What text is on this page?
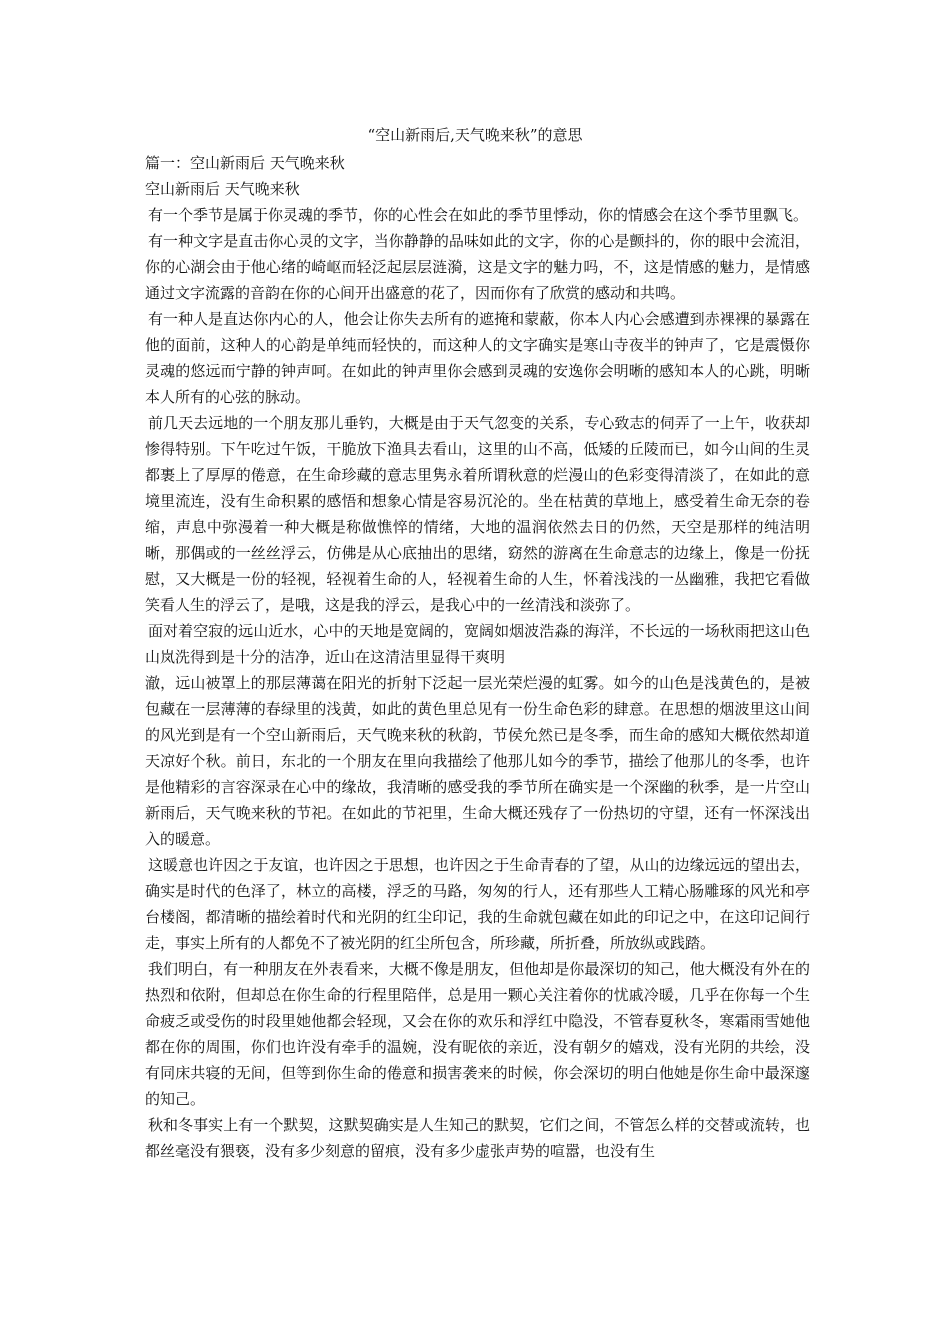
“空山新雨后,天气晚来秋”的意思

篇一：空山新雨后 天气晚来秋

空山新雨后 天气晚来秋

有一个季节是属于你灵魂的季节，你的心性会在如此的季节里悸动，你的情感会在这个季节里飘飞。

有一种文字是直击你心灵的文字，当你静静的品味如此的文字，你的心是颤抖的，你的眼中会流泪，你的心湖会由于他心绪的崎岖而轻泛起层层涟漪，这是文字的魅力吗，不，这是情感的魅力，是情感通过文字流露的音韵在你的心间开出盛意的花了，因而你有了欣赏的感动和共鸣。

有一种人是直达你内心的人，他会让你失去所有的遮掩和蒙蔽，你本人内心会感遭到赤裸裸的暴露在他的面前，这种人的心韵是单纯而轻快的，而这种人的文字确实是寒山寺夜半的钟声了，它是震慑你灵魂的悠远而宁静的钟声呵。在如此的钟声里你会感到灵魂的安逸你会明晰的感知本人的心跳，明晰本人所有的心弦的脉动。

前几天去远地的一个朋友那儿垂钓，大概是由于天气忽变的关系，专心致志的伺弄了一上午，收获却惨得特别。下午吃过午饭，干脆放下渔具去看山，这里的山不高，低矮的丘陵而已，如今山间的生灵都裹上了厚厚的倦意，在生命珍藏的意志里隽永着所谓秋意的烂漫山的色彩变得清淡了，在如此的意境里流连，没有生命积累的感悟和想象心情是容易沉沦的。坐在枯黄的草地上，感受着生命无奈的卷缩，声息中弥漫着一种大概是称做憔悴的情绪，大地的温润依然去日的仍然，天空是那样的纯洁明晰，那偶或的一丝丝浮云，仿佛是从心底抽出的思绪，窈然的游离在生命意志的边缘上，像是一份抚慰，又大概是一份的轻视，轻视着生命的人，轻视着生命的人生，怀着浅浅的一丛幽雅，我把它看做笑看人生的浮云了，是哦，这是我的浮云，是我心中的一丝清浅和淡弥了。

面对着空寂的远山近水，心中的天地是宽阔的，宽阔如烟波浩淼的海洋，不长远的一场秋雨把这山色山岚洗得到是十分的洁净，近山在这清洁里显得干爽明

澈，远山被罩上的那层薄蔼在阳光的折射下泛起一层光荣烂漫的虹雾。如今的山色是浅黄色的，是被包藏在一层薄薄的春绿里的浅黄，如此的黄色里总见有一份生命色彩的肆意。在思想的烟波里这山间的风光到是有一个空山新雨后，天气晚来秋的秋韵，节侯允然已是冬季，而生命的感知大概依然却道天凉好个秋。前日，东北的一个朋友在里向我描绘了他那儿如今的季节，描绘了他那儿的冬季，也许是他精彩的言容深录在心中的缘故，我清晰的感受我的季节所在确实是一个深幽的秋季，是一片空山新雨后，天气晚来秋的节祀。在如此的节祀里，生命大概还残存了一份热切的守望，还有一怀深浅出入的暖意。

这暖意也许因之于友谊，也许因之于思想，也许因之于生命青春的了望，从山的边缘远远的望出去，确实是时代的色泽了，林立的高楼，浮乏的马路，匆匆的行人，还有那些人工精心肠雕琢的风光和亭台楼阁，都清晰的描绘着时代和光阴的红尘印记，我的生命就包藏在如此的印记之中，在这印记间行走，事实上所有的人都免不了被光阴的红尘所包含，所珍藏，所折叠，所放纵或践踏。

我们明白，有一种朋友在外表看来，大概不像是朋友，但他却是你最深切的知己，他大概没有外在的热烈和依附，但却总在你生命的行程里陪伴，总是用一颗心关注着你的忧戚冷暖，几乎在你每一个生命疲乏或受伤的时段里她他都会轻现，又会在你的欢乐和浮红中隐没，不管春夏秋冬，寒霜雨雪她他都在你的周围，你们也许没有牵手的温婉，没有昵依的亲近，没有朝夕的嬉戏，没有光阴的共绘，没有同床共寝的无间，但等到你生命的倦意和损害袭来的时候，你会深切的明白他她是你生命中最深邃的知己。

秋和冬事实上有一个默契，这默契确实是人生知己的默契，它们之间，不管怎么样的交替或流转，也都丝毫没有猥亵，没有多少刻意的留痕，没有多少虚张声势的喧嚣，也没有生
